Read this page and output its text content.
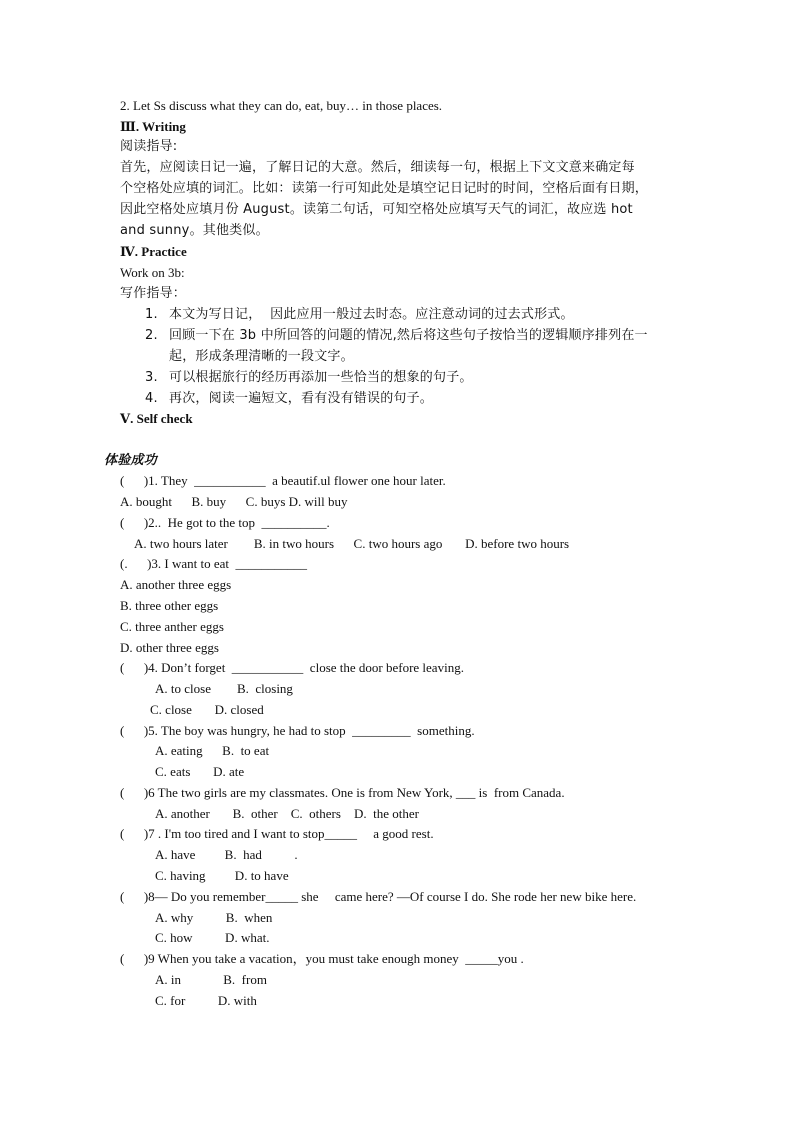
2. Let Ss discuss what they can do, eat, buy… in those places.
Ⅲ. Writing
阅读指导:
首先，应阅读日记一遍，了解日记的大意。然后，细读每一句，根据上下文文意来确定每
个空格处应填的词汇。比如：读第一行可知此处是填空记日记时的时间，空格后面有日期，
因此空格处应填月份 August。读第二句话，可知空格处应填写天气的词汇，故应选 hot
and sunny。其他类似。
Ⅳ. Practice
Work on 3b:
写作指导：
1. 本文为写日记，  因此应用一般过去时态。应注意动词的过去式形式。
2. 回顾一下在 3b 中所回答的问题的情况,然后将这些句子按恰当的逻辑顺序排列在一
起，形成条理清晰的一段文字。
3. 可以根据旅行的经历再添加一些恰当的想象的句子。
4. 再次，阅读一遍短文，看有没有错误的句子。
Ⅴ. Self check
体验成功
(      )1. They  ___________  a beautif.ul flower one hour later.
A. bought      B. buy      C. buys D. will buy
(      )2..  He got to the top  __________.
A. two hours later        B. in two hours      C. two hours ago       D. before two hours
(.      )3. I want to eat  ___________
A. another three eggs
B. three other eggs
C. three anther eggs
D. other three eggs
(      )4. Don’t forget  ___________  close the door before leaving.
A. to close        B.  closing
C. close       D. closed
(      )5. The boy was hungry, he had to stop  _________  something.
A. eating      B.  to eat
C. eats       D. ate
(      )6 The two girls are my classmates. One is from New York, ___ is  from Canada.
A. another       B.  other    C.  others    D.  the other
(      )7 . I'm too tired and I want to stop_____     a good rest.
A. have         B.  had          .
C. having         D. to have
(      )8— Do you remember_____ she     came here? —Of course I do. She rode her new bike here.
A. why          B.  when
C. how          D. what.
(      )9 When you take a vacation，you must take enough money  _____you .
A. in             B.  from
C. for          D. with
